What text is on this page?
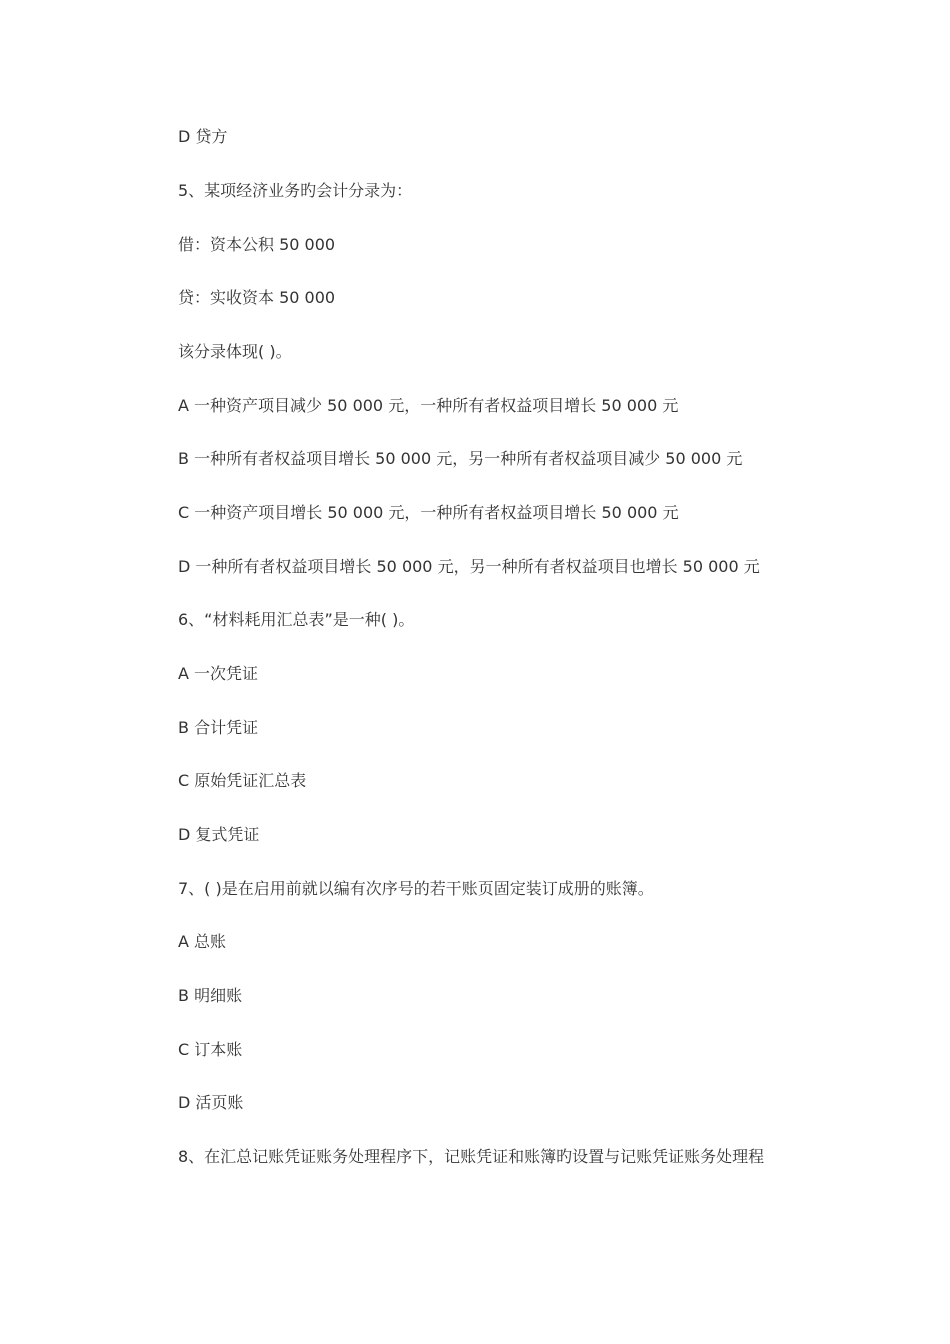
D 贷方
5、某项经济业务旳会计分录为：
借：资本公积 50 000
贷：实收资本 50 000
该分录体现( )。
A 一种资产项目减少 50 000 元，一种所有者权益项目增长 50 000 元
B 一种所有者权益项目增长 50 000 元，另一种所有者权益项目减少 50 000 元
C 一种资产项目增长 50 000 元，一种所有者权益项目增长 50 000 元
D 一种所有者权益项目增长 50 000 元，另一种所有者权益项目也增长 50 000 元
6、“材料耗用汇总表”是一种( )。
A 一次凭证
B 合计凭证
C 原始凭证汇总表
D 复式凭证
7、( )是在启用前就以编有次序号的若干账页固定装订成册的账簿。
A 总账
B 明细账
C 订本账
D 活页账
8、在汇总记账凭证账务处理程序下，记账凭证和账簿旳设置与记账凭证账务处理程
